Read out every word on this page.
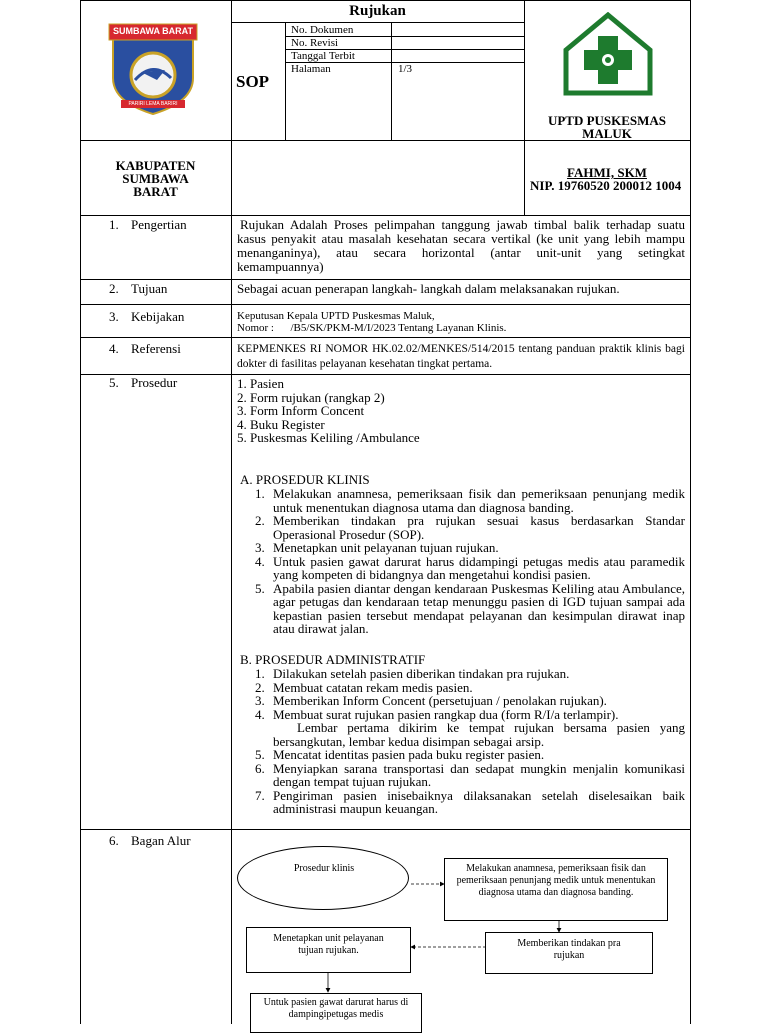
SUMBAWA BARAT
PARIRI LEMA BARIRI
Rujukan
SOP
No. Dokumen
No. Revisi
Tanggal Terbit
Halaman	1/3
UPTD PUSKESMAS
MALUK
KABUPATEN
SUMBAWA
BARAT
FAHMI, SKM
NIP. 19760520 200012 1004
1. Pengertian	Rujukan Adalah Proses pelimpahan tanggung jawab timbal balik terhadap suatu kasus penyakit atau masalah kesehatan secara vertikal (ke unit yang lebih mampu menanganinya), atau secara horizontal (antar unit-unit yang setingkat kemampuannya)
2. Tujuan	Sebagai acuan penerapan langkah- langkah dalam melaksanakan rujukan.
3. Kebijakan	Keputusan Kepala UPTD Puskesmas Maluk,
Nomor :      /B5/SK/PKM-M/I/2023 Tentang Layanan Klinis.
4. Referensi	KEPMENKES RI NOMOR HK.02.02/MENKES/514/2015 tentang panduan praktik klinis bagi dokter di fasilitas pelayanan kesehatan tingkat pertama.
5. Prosedur	1. Pasien
2. Form rujukan (rangkap 2)
3. Form Inform Concent
4. Buku Register
5. Puskesmas Keliling /Ambulance
A. PROSEDUR KLINIS
1. Melakukan anamnesa, pemeriksaan fisik dan pemeriksaan penunjang medik untuk menentukan diagnosa utama dan diagnosa banding.
2. Memberikan tindakan pra rujukan sesuai kasus berdasarkan Standar Operasional Prosedur (SOP).
3. Menetapkan unit pelayanan tujuan rujukan.
4. Untuk pasien gawat darurat harus didampingi petugas medis atau paramedik yang kompeten di bidangnya dan mengetahui kondisi pasien.
5. Apabila pasien diantar dengan kendaraan Puskesmas Keliling atau Ambulance, agar petugas dan kendaraan tetap menunggu pasien di IGD tujuan sampai ada kepastian pasien tersebut mendapat pelayanan dan kesimpulan dirawat inap atau dirawat jalan.
B. PROSEDUR ADMINISTRATIF
1. Dilakukan setelah pasien diberikan tindakan pra rujukan.
2. Membuat catatan rekam medis pasien.
3. Memberikan Inform Concent (persetujuan / penolakan rujukan).
4. Membuat surat rujukan pasien rangkap dua (form R/I/a terlampir).
Lembar pertama dikirim ke tempat rujukan bersama pasien yang bersangkutan, lembar kedua disimpan sebagai arsip.
5. Mencatat identitas pasien pada buku register pasien.
6. Menyiapkan sarana transportasi dan sedapat mungkin menjalin komunikasi dengan tempat tujuan rujukan.
7. Pengiriman pasien inisebaiknya dilaksanakan setelah diselesaikan baik administrasi maupun keuangan.
6. Bagan Alur
Prosedur klinis	Melakukan anamnesa, pemeriksaan fisik dan pemeriksaan penunjang medik untuk menentukan diagnosa utama dan diagnosa banding.
Memberikan tindakan pra rujukan
Menetapkan unit pelayanan tujuan rujukan.
Untuk pasien gawat darurat harus di dampingipetugas medis
